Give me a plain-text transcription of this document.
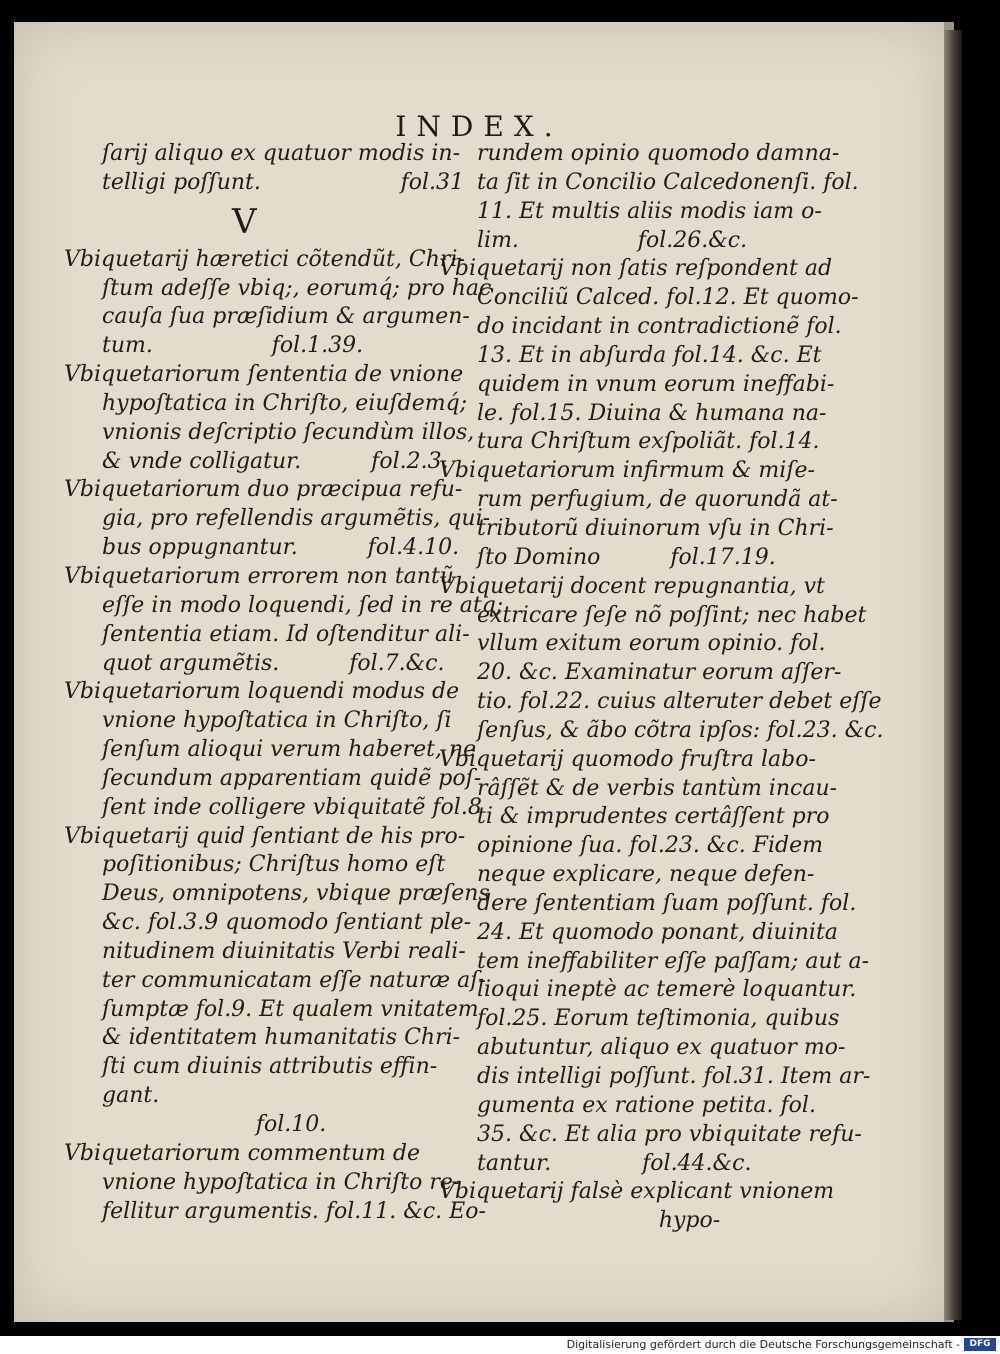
INDEX.
ſarij aliquo ex quatuor modis in-
telligi poſſunt.	fol.31
V
Vbiquetarij hæretici cõtendũt, Chri-
ſtum adeſſe vbiq;, eorumq́; pro hac
cauſa ſua præſidium & argumen-
tum.                 fol.1.39.
Vbiquetariorum ſententia de vnione
hypoſtatica in Chriſto, eiuſdemq́;
vnionis deſcriptio ſecundùm illos,
& vnde colligatur.          fol.2.3.
Vbiquetariorum duo præcipua refu-
gia, pro refellendis argumẽtis, qui-
bus oppugnantur.          fol.4.10.
Vbiquetariorum errorem non tantũ
eſſe in modo loquendi, ſed in re atq;
ſententia etiam. Id oſtenditur ali-
quot argumẽtis.          fol.7.&c.
Vbiquetariorum loquendi modus de
vnione hypoſtatica in Chriſto, ſi
ſenſum alioqui verum haberet, ne
ſecundum apparentiam quidẽ poſ-
ſent inde colligere vbiquitatẽ fol.8
Vbiquetarij quid ſentiant de his pro-
poſitionibus; Chriſtus homo eſt
Deus, omnipotens, vbique præſens
&c. fol.3.9 quomodo ſentiant ple-
nitudinem diuinitatis Verbi reali-
ter communicatam eſſe naturæ aſ-
ſumptæ fol.9. Et qualem vnitatem
& identitatem humanitatis Chri-
ſti cum diuinis attributis effin-
gant.
fol.10.
Vbiquetariorum commentum de
vnione hypoſtatica in Chriſto re-
fellitur argumentis. fol.11. &c. Eo-
rundem opinio quomodo damna-
ta ſit in Concilio Calcedonenſi. fol.
11. Et multis aliis modis iam o-
lim.                 fol.26.&c.
Vbiquetarij non ſatis reſpondent ad
Conciliũ Calced. fol.12. Et quomo-
do incidant in contradictionẽ fol.
13. Et in abſurda fol.14. &c. Et
quidem in vnum eorum ineffabi-
le. fol.15. Diuina & humana na-
tura Chriſtum exſpoliãt. fol.14.
Vbiquetariorum infirmum & miſe-
rum perfugium, de quorundã at-
tributorũ diuinorum vſu in Chri-
ſto Domino          fol.17.19.
Vbiquetarij docent repugnantia, vt
extricare ſeſe nõ poſſint; nec habet
vllum exitum eorum opinio. fol.
20. &c. Examinatur eorum aſſer-
tio. fol.22. cuius alteruter debet eſſe
ſenſus, & ãbo cõtra ipſos: fol.23. &c.
Vbiquetarij quomodo fruſtra labo-
râſſẽt & de verbis tantùm incau-
ti & imprudentes certâſſent pro
opinione ſua. fol.23. &c. Fidem
neque explicare, neque defen-
dere ſententiam ſuam poſſunt. fol.
24. Et quomodo ponant, diuinita
tem ineffabiliter eſſe paſſam; aut a-
lioqui ineptè ac temerè loquantur.
fol.25. Eorum teſtimonia, quibus
abutuntur, aliquo ex quatuor mo-
dis intelligi poſſunt. fol.31. Item ar-
gumenta ex ratione petita. fol.
35. &c. Et alia pro vbiquitate refu-
tantur.             fol.44.&c.
Vbiquetarij falsè explicant vnionem
hypo-
Digitalisierung gefördert durch die Deutsche Forschungsgemeinschaft -	DFG
